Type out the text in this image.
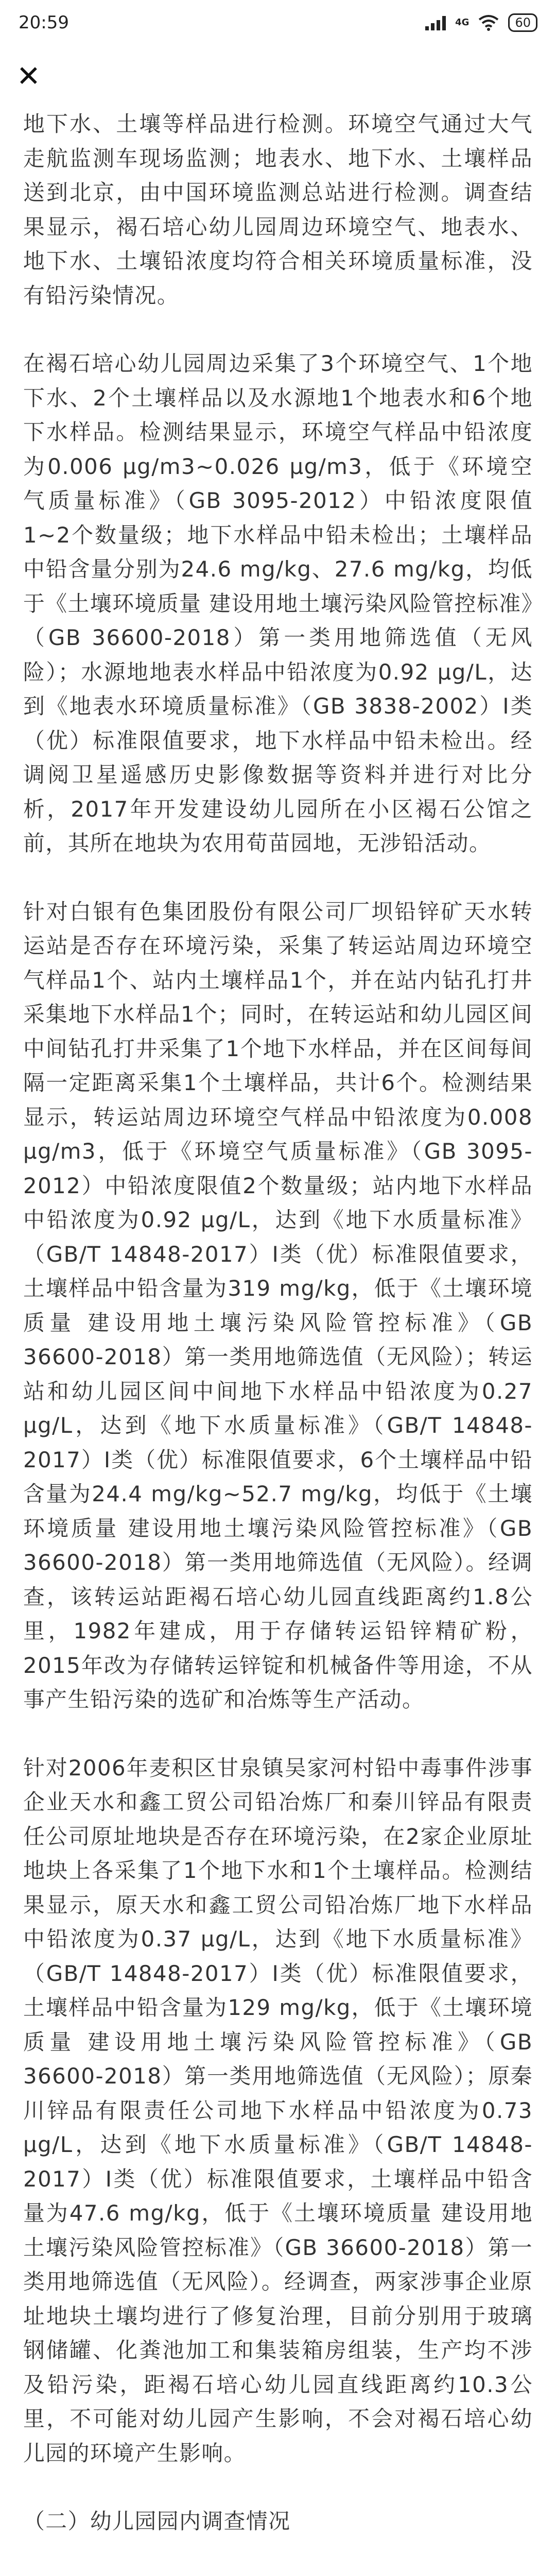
20:59	4G	60
✕

地下水、土壤等样品进行检测。环境空气通过大气走航监测车现场监测；地表水、地下水、土壤样品送到北京，由中国环境监测总站进行检测。调查结果显示，褐石培心幼儿园周边环境空气、地表水、地下水、土壤铅浓度均符合相关环境质量标准，没有铅污染情况。

在褐石培心幼儿园周边采集了3个环境空气、1个地下水、2个土壤样品以及水源地1个地表水和6个地下水样品。检测结果显示，环境空气样品中铅浓度为0.006 μg/m3~0.026 μg/m3，低于《环境空气质量标准》（GB 3095-2012）中铅浓度限值1~2个数量级；地下水样品中铅未检出；土壤样品中铅含量分别为24.6 mg/kg、27.6 mg/kg，均低于《土壤环境质量 建设用地土壤污染风险管控标准》（GB 36600-2018）第一类用地筛选值（无风险）；水源地地表水样品中铅浓度为0.92 μg/L，达到《地表水环境质量标准》（GB 3838-2002）Ⅰ类（优）标准限值要求，地下水样品中铅未检出。经调阅卫星遥感历史影像数据等资料并进行对比分析，2017年开发建设幼儿园所在小区褐石公馆之前，其所在地块为农用荀苗园地，无涉铅活动。

针对白银有色集团股份有限公司厂坝铅锌矿天水转运站是否存在环境污染，采集了转运站周边环境空气样品1个、站内土壤样品1个，并在站内钻孔打井采集地下水样品1个；同时，在转运站和幼儿园区间中间钻孔打井采集了1个地下水样品，并在区间每间隔一定距离采集1个土壤样品，共计6个。检测结果显示，转运站周边环境空气样品中铅浓度为0.008 μg/m3，低于《环境空气质量标准》（GB 3095-2012）中铅浓度限值2个数量级；站内地下水样品中铅浓度为0.92 μg/L，达到《地下水质量标准》（GB/T 14848-2017）Ⅰ类（优）标准限值要求，土壤样品中铅含量为319 mg/kg，低于《土壤环境质量 建设用地土壤污染风险管控标准》（GB 36600-2018）第一类用地筛选值（无风险）；转运站和幼儿园区间中间地下水样品中铅浓度为0.27 μg/L，达到《地下水质量标准》（GB/T 14848-2017）Ⅰ类（优）标准限值要求，6个土壤样品中铅含量为24.4 mg/kg~52.7 mg/kg，均低于《土壤环境质量 建设用地土壤污染风险管控标准》（GB 36600-2018）第一类用地筛选值（无风险）。经调查，该转运站距褐石培心幼儿园直线距离约1.8公里，1982年建成，用于存储转运铅锌精矿粉，2015年改为存储转运锌锭和机械备件等用途，不从事产生铅污染的选矿和冶炼等生产活动。

针对2006年麦积区甘泉镇吴家河村铅中毒事件涉事企业天水和鑫工贸公司铅冶炼厂和秦川锌品有限责任公司原址地块是否存在环境污染，在2家企业原址地块上各采集了1个地下水和1个土壤样品。检测结果显示，原天水和鑫工贸公司铅冶炼厂地下水样品中铅浓度为0.37 μg/L，达到《地下水质量标准》（GB/T 14848-2017）Ⅰ类（优）标准限值要求，土壤样品中铅含量为129 mg/kg，低于《土壤环境质量 建设用地土壤污染风险管控标准》（GB 36600-2018）第一类用地筛选值（无风险）；原秦川锌品有限责任公司地下水样品中铅浓度为0.73 μg/L，达到《地下水质量标准》（GB/T 14848-2017）Ⅰ类（优）标准限值要求，土壤样品中铅含量为47.6 mg/kg，低于《土壤环境质量 建设用地土壤污染风险管控标准》（GB 36600-2018）第一类用地筛选值（无风险）。经调查，两家涉事企业原址地块土壤均进行了修复治理，目前分别用于玻璃钢储罐、化粪池加工和集装箱房组装，生产均不涉及铅污染，距褐石培心幼儿园直线距离约10.3公里，不可能对幼儿园产生影响，不会对褐石培心幼儿园的环境产生影响。

（二）幼儿园园内调查情况
